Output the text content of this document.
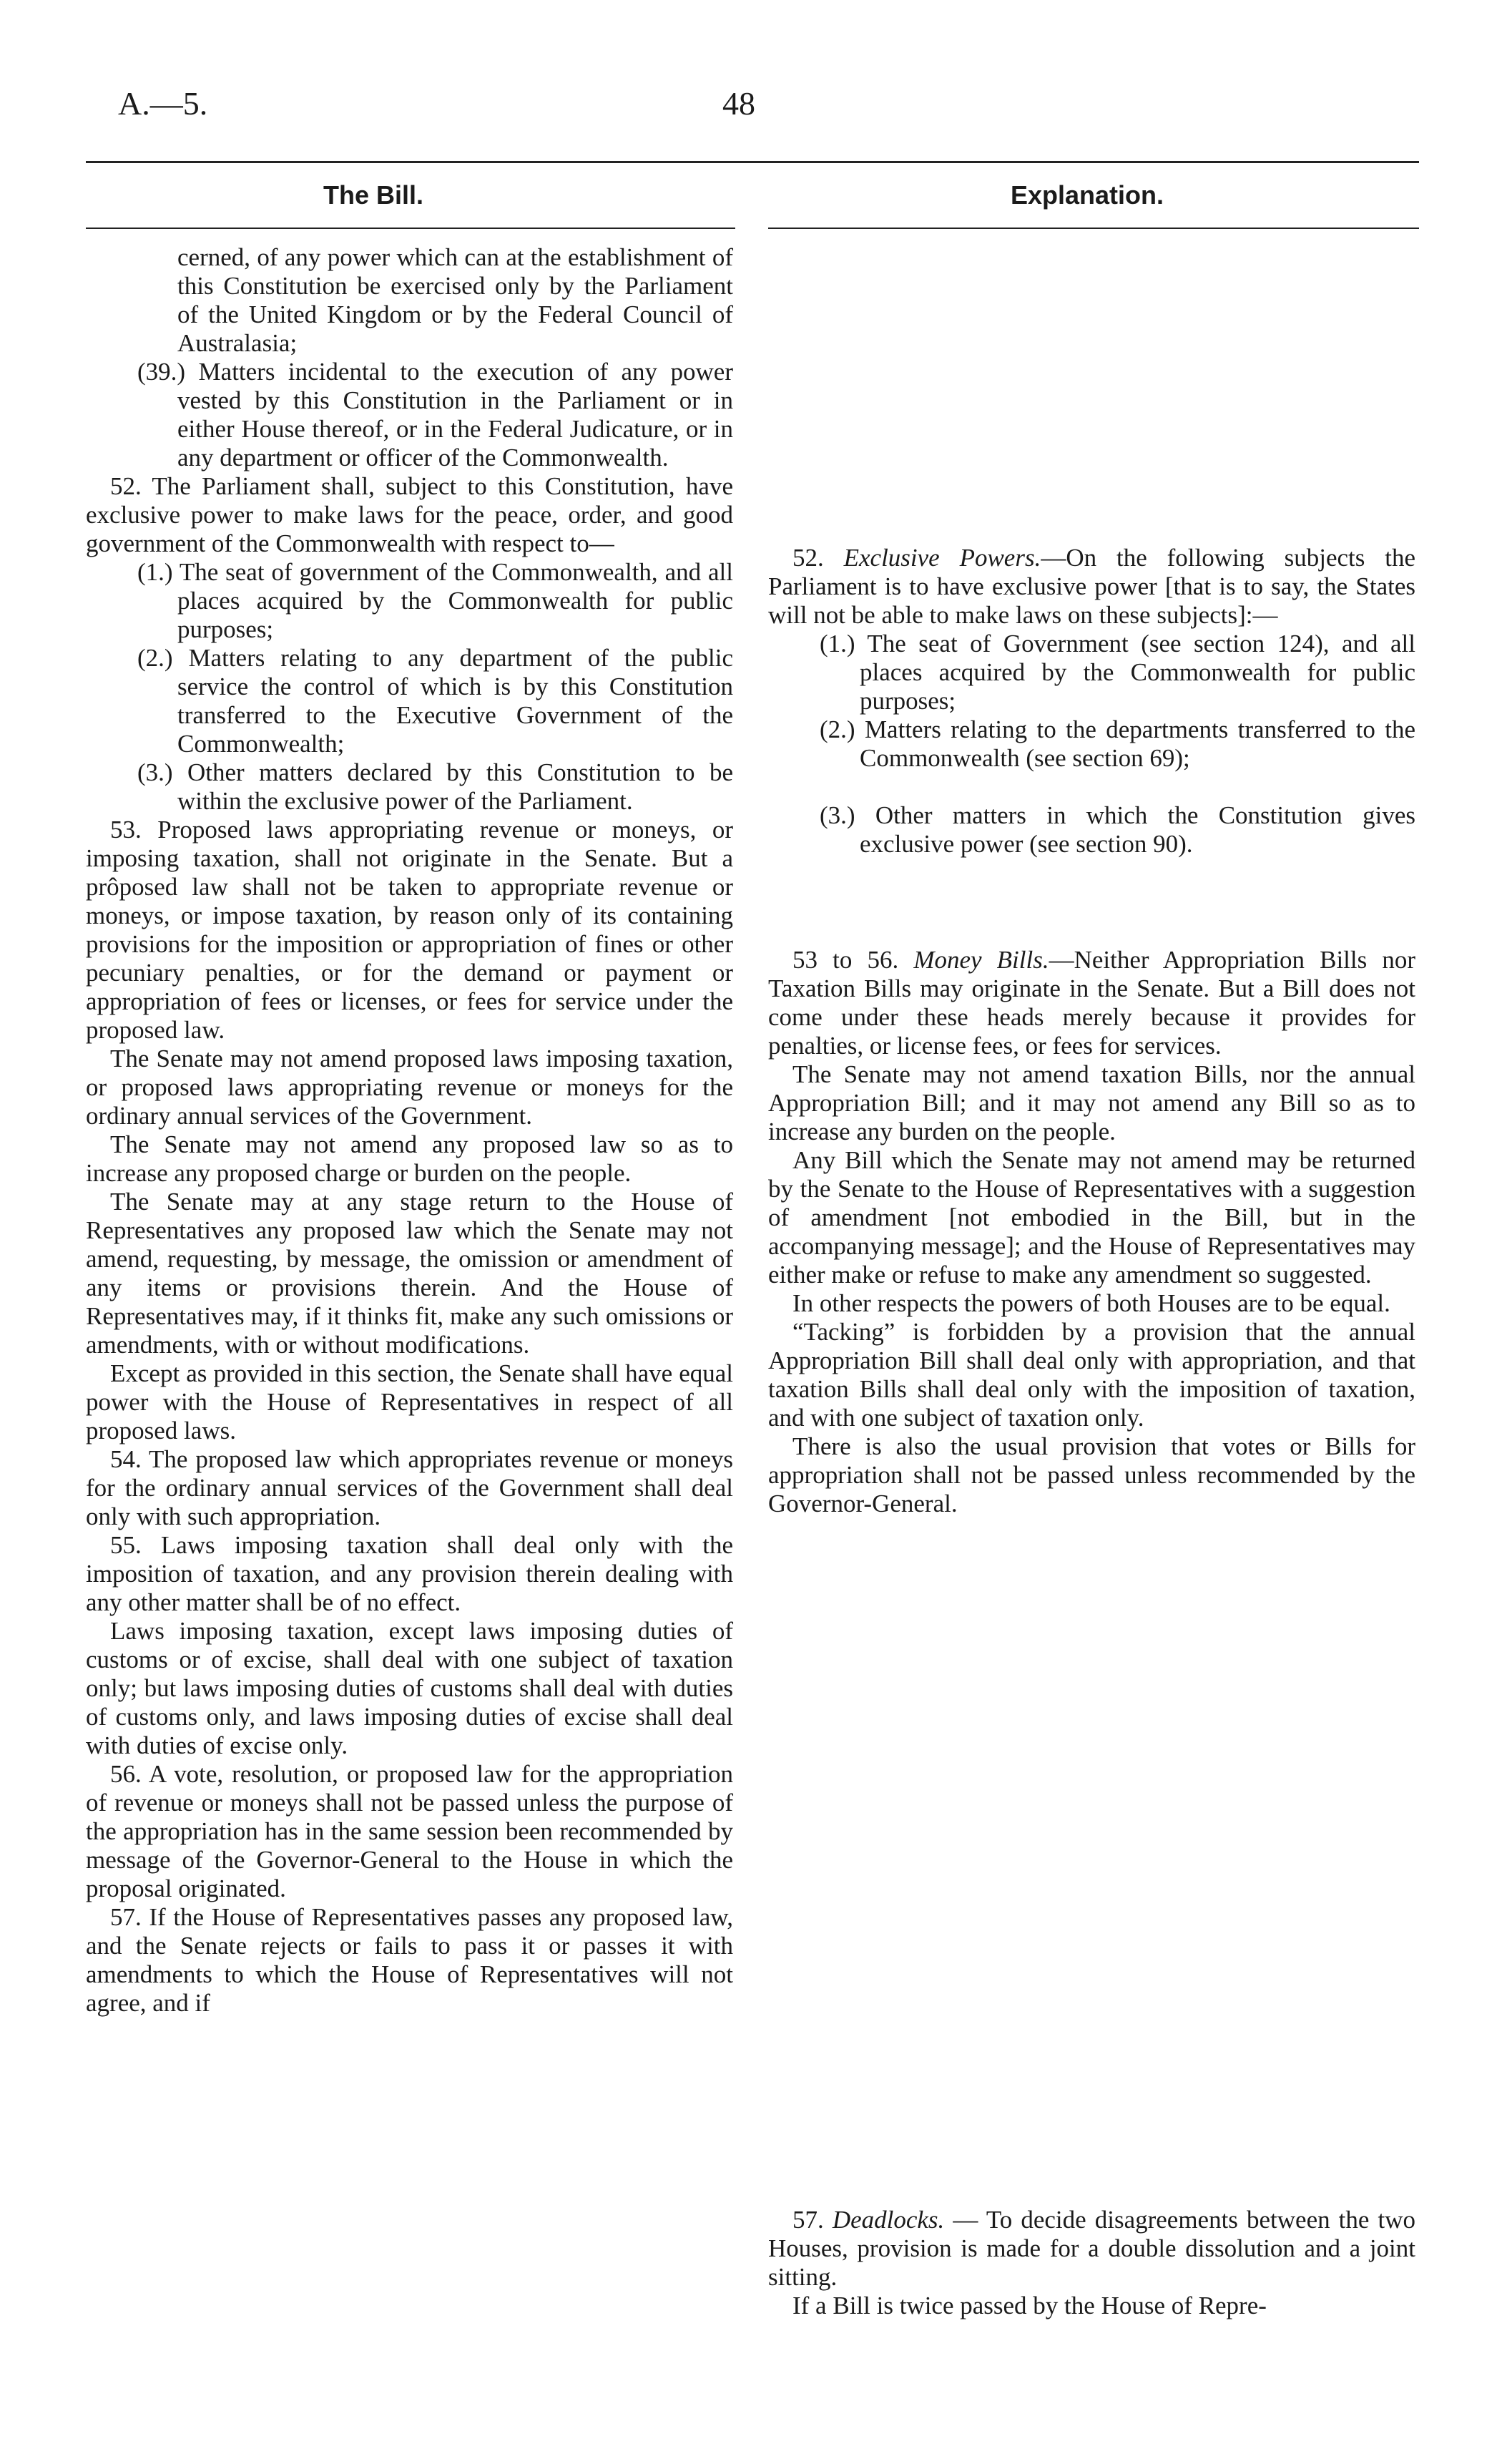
A.—5.	48
The Bill.	Explanation.

cerned, of any power which can at the establishment of this Constitution be exercised only by the Parliament of the United Kingdom or by the Federal Council of Australasia;

(39.) Matters incidental to the execution of any power vested by this Constitution in the Parliament or in either House thereof, or in the Federal Judicature, or in any department or officer of the Commonwealth.

52. The Parliament shall, subject to this Constitution, have exclusive power to make laws for the peace, order, and good government of the Commonwealth with respect to—

(1.) The seat of government of the Commonwealth, and all places acquired by the Commonwealth for public purposes;

(2.) Matters relating to any department of the public service the control of which is by this Constitution transferred to the Executive Government of the Commonwealth;

(3.) Other matters declared by this Constitution to be within the exclusive power of the Parliament.

53. Proposed laws appropriating revenue or moneys, or imposing taxation, shall not originate in the Senate. But a prôposed law shall not be taken to appropriate revenue or moneys, or impose taxation, by reason only of its containing provisions for the imposition or appropriation of fines or other pecuniary penalties, or for the demand or payment or appropriation of fees or licenses, or fees for service under the proposed law.

The Senate may not amend proposed laws imposing taxation, or proposed laws appropriating revenue or moneys for the ordinary annual services of the Government.

The Senate may not amend any proposed law so as to increase any proposed charge or burden on the people.

The Senate may at any stage return to the House of Representatives any proposed law which the Senate may not amend, requesting, by message, the omission or amendment of any items or provisions therein. And the House of Representatives may, if it thinks fit, make any such omissions or amendments, with or without modifications.

Except as provided in this section, the Senate shall have equal power with the House of Representatives in respect of all proposed laws.

54. The proposed law which appropriates revenue or moneys for the ordinary annual services of the Government shall deal only with such appropriation.

55. Laws imposing taxation shall deal only with the imposition of taxation, and any provision therein dealing with any other matter shall be of no effect.

Laws imposing taxation, except laws imposing duties of customs or of excise, shall deal with one subject of taxation only; but laws imposing duties of customs shall deal with duties of customs only, and laws imposing duties of excise shall deal with duties of excise only.

56. A vote, resolution, or proposed law for the appropriation of revenue or moneys shall not be passed unless the purpose of the appropriation has in the same session been recommended by message of the Governor-General to the House in which the proposal originated.

57. If the House of Representatives passes any proposed law, and the Senate rejects or fails to pass it or passes it with amendments to which the House of Representatives will not agree, and if

52. Exclusive Powers.—On the following subjects the Parliament is to have exclusive power [that is to say, the States will not be able to make laws on these subjects]:—

(1.) The seat of Government (see section 124), and all places acquired by the Commonwealth for public purposes;

(2.) Matters relating to the departments transferred to the Commonwealth (see section 69);

(3.) Other matters in which the Constitution gives exclusive power (see section 90).

53 to 56. Money Bills.—Neither Appropriation Bills nor Taxation Bills may originate in the Senate. But a Bill does not come under these heads merely because it provides for penalties, or license fees, or fees for services.

The Senate may not amend taxation Bills, nor the annual Appropriation Bill; and it may not amend any Bill so as to increase any burden on the people.

Any Bill which the Senate may not amend may be returned by the Senate to the House of Representatives with a suggestion of amendment [not embodied in the Bill, but in the accompanying message]; and the House of Representatives may either make or refuse to make any amendment so suggested.

In other respects the powers of both Houses are to be equal.

“Tacking” is forbidden by a provision that the annual Appropriation Bill shall deal only with appropriation, and that taxation Bills shall deal only with the imposition of taxation, and with one subject of taxation only.

There is also the usual provision that votes or Bills for appropriation shall not be passed unless recommended by the Governor-General.

57. Deadlocks. — To decide disagreements between the two Houses, provision is made for a double dissolution and a joint sitting.

If a Bill is twice passed by the House of Repre-
